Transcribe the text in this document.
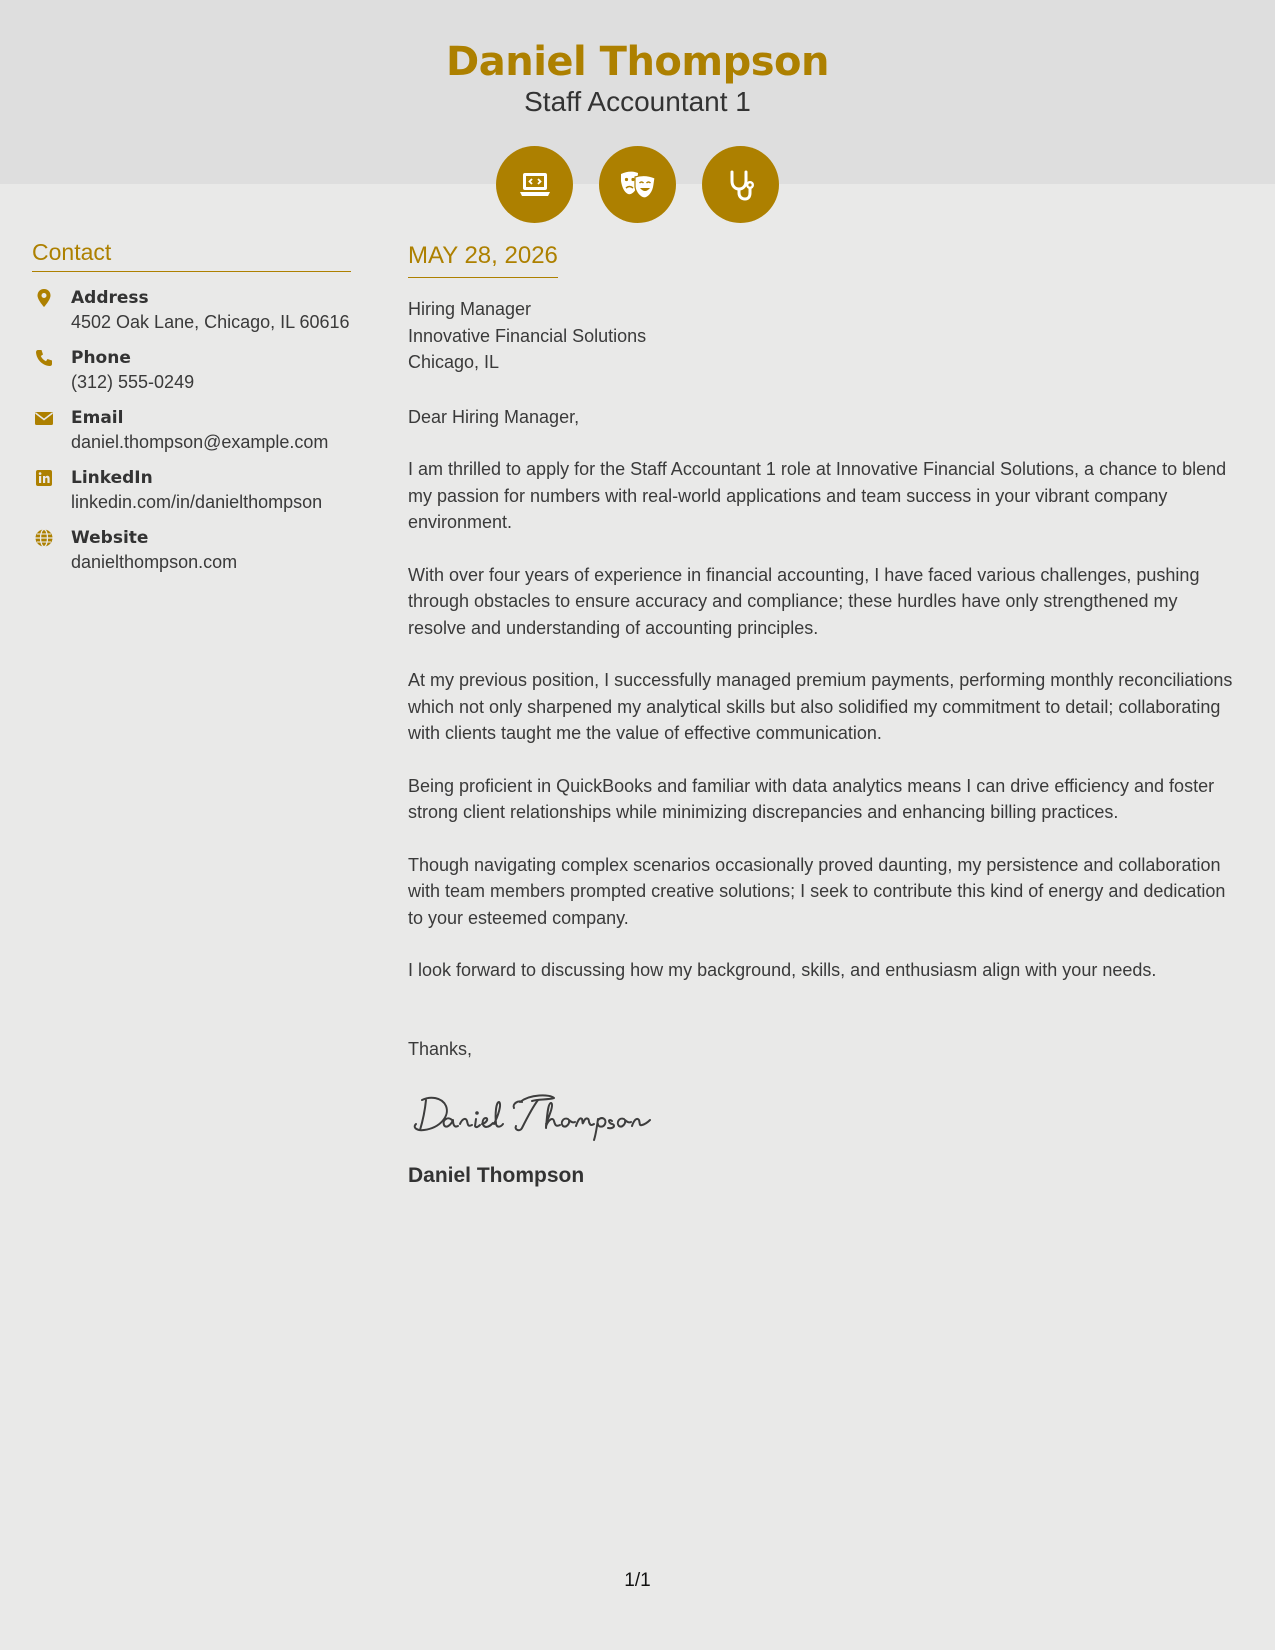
Daniel Thompson
Staff Accountant 1
Contact
Address
4502 Oak Lane, Chicago, IL 60616
Phone
(312) 555-0249
Email
daniel.thompson@example.com
LinkedIn
linkedin.com/in/danielthompson
Website
danielthompson.com
MAY 28, 2026
Hiring Manager
Innovative Financial Solutions
Chicago, IL

Dear Hiring Manager,

I am thrilled to apply for the Staff Accountant 1 role at Innovative Financial Solutions, a chance to blend my passion for numbers with real-world applications and team success in your vibrant company environment.

With over four years of experience in financial accounting, I have faced various challenges, pushing through obstacles to ensure accuracy and compliance; these hurdles have only strengthened my resolve and understanding of accounting principles.

At my previous position, I successfully managed premium payments, performing monthly reconciliations which not only sharpened my analytical skills but also solidified my commitment to detail; collaborating with clients taught me the value of effective communication.

Being proficient in QuickBooks and familiar with data analytics means I can drive efficiency and foster strong client relationships while minimizing discrepancies and enhancing billing practices.

Though navigating complex scenarios occasionally proved daunting, my persistence and collaboration with team members prompted creative solutions; I seek to contribute this kind of energy and dedication to your esteemed company.

I look forward to discussing how my background, skills, and enthusiasm align with your needs.

Thanks,

Daniel Thompson
1/1
